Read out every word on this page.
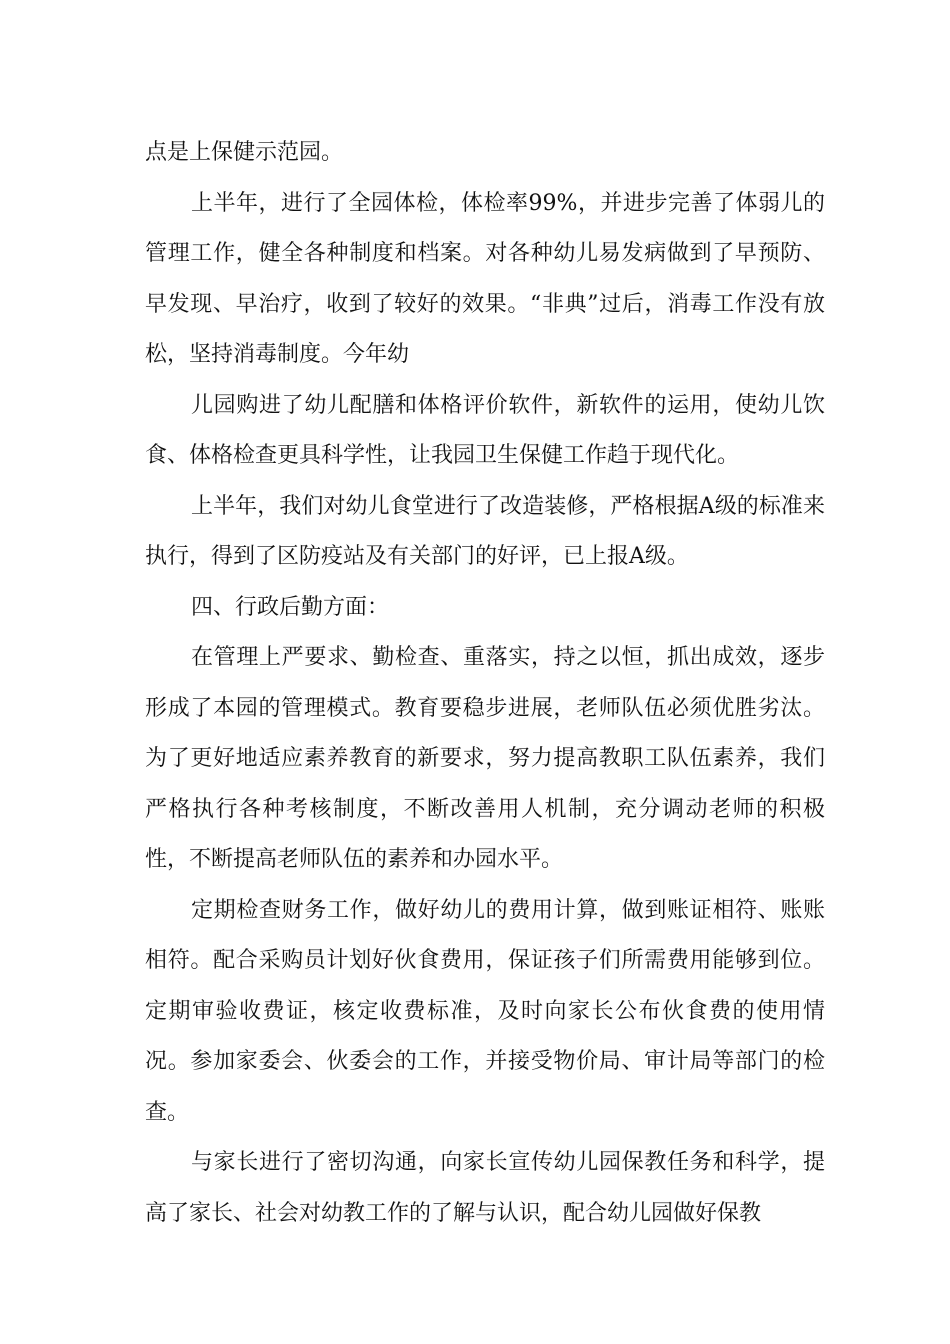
点是上保健示范园。

上半年，进行了全园体检，体检率99%，并进步完善了体弱儿的管理工作，健全各种制度和档案。对各种幼儿易发病做到了早预防、早发现、早治疗，收到了较好的效果。“非典”过后，消毒工作没有放松，坚持消毒制度。今年幼

儿园购进了幼儿配膳和体格评价软件，新软件的运用，使幼儿饮食、体格检查更具科学性，让我园卫生保健工作趋于现代化。

上半年，我们对幼儿食堂进行了改造装修，严格根据A级的标准来执行，得到了区防疫站及有关部门的好评，已上报A级。

四、行政后勤方面：

在管理上严要求、勤检查、重落实，持之以恒，抓出成效，逐步形成了本园的管理模式。教育要稳步进展，老师队伍必须优胜劣汰。为了更好地适应素养教育的新要求，努力提高教职工队伍素养，我们严格执行各种考核制度，不断改善用人机制，充分调动老师的积极性，不断提高老师队伍的素养和办园水平。

定期检查财务工作，做好幼儿的费用计算，做到账证相符、账账相符。配合采购员计划好伙食费用，保证孩子们所需费用能够到位。定期审验收费证，核定收费标准，及时向家长公布伙食费的使用情况。参加家委会、伙委会的工作，并接受物价局、审计局等部门的检查。

与家长进行了密切沟通，向家长宣传幼儿园保教任务和科学，提高了家长、社会对幼教工作的了解与认识，配合幼儿园做好保教
